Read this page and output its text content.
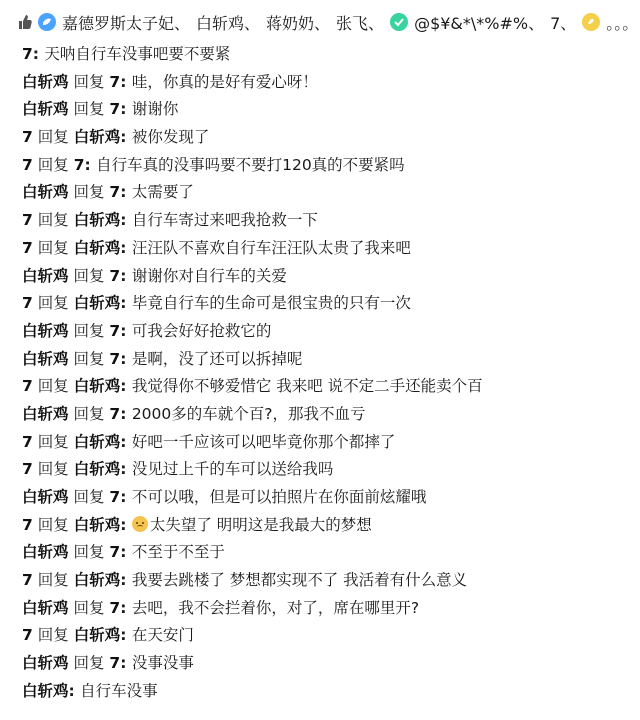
嘉德罗斯太子妃、 白斩鸡、 蒋奶奶、 张飞、 @$¥&*\*%#%、 7、 。。。
7: 天呐自行车没事吧要不要紧
白斩鸡 回复 7: 哇，你真的是好有爱心呀！
白斩鸡 回复 7: 谢谢你
7 回复 白斩鸡: 被你发现了
7 回复 7: 自行车真的没事吗要不要打120真的不要紧吗
白斩鸡 回复 7: 太需要了
7 回复 白斩鸡: 自行车寄过来吧我抢救一下
7 回复 白斩鸡: 汪汪队不喜欢自行车汪汪队太贵了我来吧
白斩鸡 回复 7: 谢谢你对自行车的关爱
7 回复 白斩鸡: 毕竟自行车的生命可是很宝贵的只有一次
白斩鸡 回复 7: 可我会好好抢救它的
白斩鸡 回复 7: 是啊，没了还可以拆掉呢
7 回复 白斩鸡: 我觉得你不够爱惜它 我来吧 说不定二手还能卖个百
白斩鸡 回复 7: 2000多的车就个百?，那我不血亏
7 回复 白斩鸡: 好吧一千应该可以吧毕竟你那个都摔了
7 回复 白斩鸡: 没见过上千的车可以送给我吗
白斩鸡 回复 7: 不可以哦，但是可以拍照片在你面前炫耀哦
7 回复 白斩鸡: 太失望了 明明这是我最大的梦想
白斩鸡 回复 7: 不至于不至于
7 回复 白斩鸡: 我要去跳楼了 梦想都实现不了 我活着有什么意义
白斩鸡 回复 7: 去吧，我不会拦着你，对了，席在哪里开?
7 回复 白斩鸡: 在天安门
白斩鸡 回复 7: 没事没事
白斩鸡: 自行车没事
